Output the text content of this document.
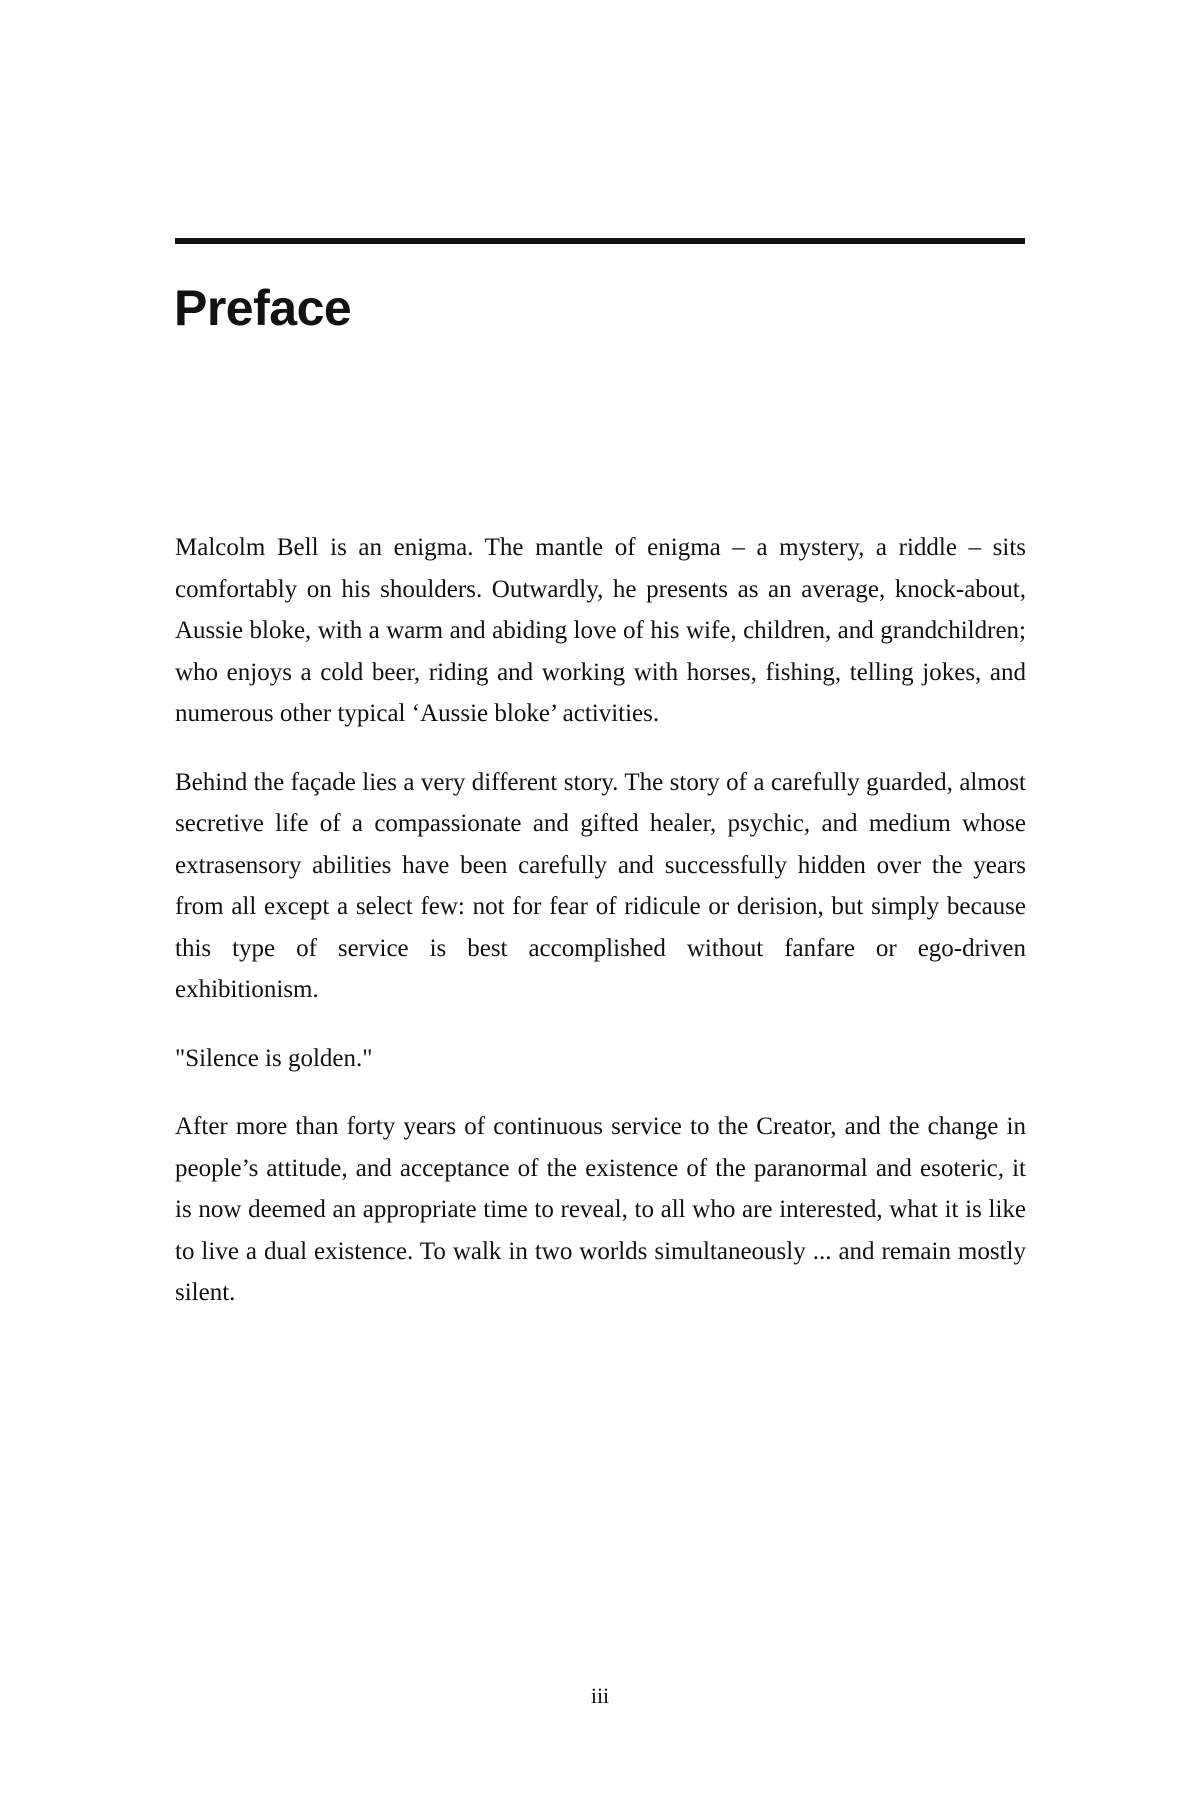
Preface

Malcolm Bell is an enigma. The mantle of enigma – a mystery, a riddle – sits comfortably on his shoulders. Outwardly, he presents as an average, knock-about, Aussie bloke, with a warm and abiding love of his wife, children, and grandchildren; who enjoys a cold beer, riding and working with horses, fishing, telling jokes, and numerous other typical ‘Aussie bloke’ activities.

Behind the façade lies a very different story. The story of a carefully guarded, almost secretive life of a compassionate and gifted healer, psychic, and medium whose extrasensory abilities have been carefully and successfully hidden over the years from all except a select few: not for fear of ridicule or derision, but simply because this type of service is best accomplished without fanfare or ego-driven exhibitionism.

"Silence is golden."

After more than forty years of continuous service to the Creator, and the change in people’s attitude, and acceptance of the existence of the paranormal and esoteric, it is now deemed an appropriate time to reveal, to all who are interested, what it is like to live a dual existence. To walk in two worlds simultaneously ... and remain mostly silent.

iii
